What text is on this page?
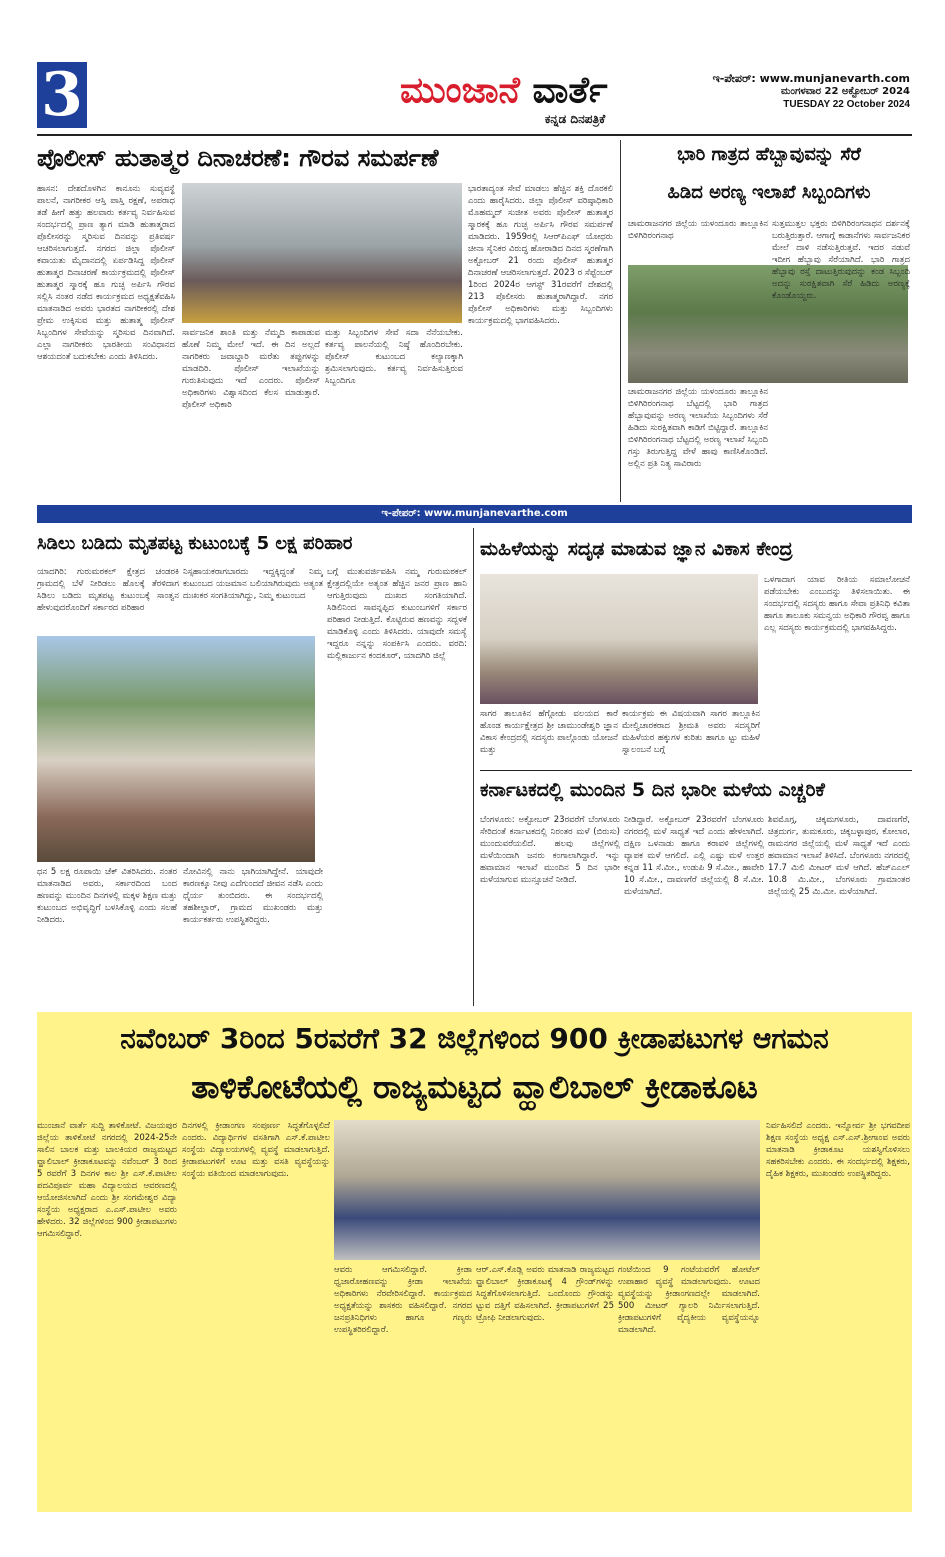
3	ಮುಂಜಾನೆ ವಾರ್ತೆ
ಕನ್ನಡ ದಿನಪತ್ರಿಕೆ
ಇ-ಪೇಪರ್: www.munjanevarth.com
ಮಂಗಳವಾರ 22 ಅಕ್ಟೋಬರ್ 2024
TUESDAY 22 October 2024
ಪೊಲೀಸ್ ಹುತಾತ್ಮರ ದಿನಾಚರಣೆ: ಗೌರವ ಸಮರ್ಪಣೆ
ಹಾಸನ: ದೇಶದೊಳಗಿನ ಕಾನೂನು ಸುವ್ಯವಸ್ಥೆ ಪಾಲನೆ, ನಾಗರೀಕರ ಆಸ್ತಿ ಪಾಸ್ತಿ ರಕ್ಷಣೆ, ಅಪರಾಧ ತಡೆ ಹೀಗೆ ಹತ್ತು ಹಲವಾರು ಕರ್ತವ್ಯ ನಿರ್ವಹಿಸುವ ಸಂದರ್ಭದಲ್ಲಿ ಪ್ರಾಣ ತ್ಯಾಗ ಮಾಡಿ ಹುತಾತ್ಮರಾದ ಪೊಲೀಸರನ್ನು ಸ್ಮರಿಸುವ ದಿನವನ್ನು ಪ್ರತಿವರ್ಷ ಆಚರಿಸಲಾಗುತ್ತದೆ. ನಗರದ ಜಿಲ್ಲಾ ಪೊಲೀಸ್ ಕವಾಯತು ಮೈದಾನದಲ್ಲಿ ಏರ್ಪಡಿಸಿದ್ದ ಪೊಲೀಸ್ ಹುತಾತ್ಮರ ದಿನಾಚರಣೆ ಕಾರ್ಯಕ್ರಮದಲ್ಲಿ ಪೊಲೀಸ್ ಹುತಾತ್ಮರ ಸ್ಮಾರಕ್ಕೆ ಹೂ ಗುಚ್ಛ ಅರ್ಪಿಸಿ ಗೌರವ ಸಲ್ಲಿಸಿ ನಂತರ ನಡೆದ ಕಾರ್ಯಕ್ರಮದ ಅಧ್ಯಕ್ಷತೆವಹಿಸಿ ಮಾತನಾಡಿದ ಅವರು ಭಾರತದ ನಾಗರೀಕರಲ್ಲಿ ದೇಶ ಪ್ರೇಮ ಉಕ್ಕಿಸುವ ಮತ್ತು ಹುತಾತ್ಮ ಪೊಲೀಸ್ ಸಿಬ್ಬಂದಿಗಳ ಸೇವೆಯನ್ನು ಸ್ಮರಿಸುವ ದಿನವಾಗಿದೆ. ಎಲ್ಲಾ ನಾಗರೀಕರು ಭಾರತೀಯ ಸಂವಿಧಾನದ ಆಶಯದಂತೆ ಬದುಕಬೇಕು ಎಂದು ತಿಳಿಸಿದರು.
ಸಾರ್ವಜನಿಕ ಶಾಂತಿ ಮತ್ತು ನೆಮ್ಮದಿ ಕಾಪಾಡುವ ಹೊಣೆ ನಿಮ್ಮ ಮೇಲೆ ಇದೆ. ಈ ದಿನ ಅಲ್ಲದೆ ನಾಗರಿಕರು ಜವಾಬ್ದಾರಿ ಮರೆತು ತಪ್ಪುಗಳನ್ನು ಮಾಡದಿರಿ. ಪೊಲೀಸ್ ಇಲಾಖೆಯನ್ನು ಗುರುತಿಸುವುದು ಇದೆ ಎಂದರು. ಪೊಲೀಸ್ ಅಧಿಕಾರಿಗಳು ವಿಶ್ವಾಸದಿಂದ ಕೆಲಸ ಮಾಡುತ್ತಾರೆ. ಪೊಲೀಸ್ ಅಧಿಕಾರಿ
ಮತ್ತು ಸಿಬ್ಬಂದಿಗಳ ಸೇವೆ ಸದಾ ನೆನೆಯಬೇಕು. ಕರ್ತವ್ಯ ಪಾಲನೆಯಲ್ಲಿ ನಿಷ್ಠೆ ಹೊಂದಿರಬೇಕು. ಪೊಲೀಸ್ ಕುಟುಂಬದ ಕಲ್ಯಾಣಕ್ಕಾಗಿ ಶ್ರಮಿಸಲಾಗುವುದು. ಕರ್ತವ್ಯ ನಿರ್ವಹಿಸುತ್ತಿರುವ ಸಿಬ್ಬಂದಿಗೂ
ಭಾರತಾದ್ಯಂತ ಸೇವೆ ಮಾಡಲು ಹೆಚ್ಚಿನ ಶಕ್ತಿ ದೊರಕಲಿ ಎಂದು ಹಾರೈಸಿದರು. ಜಿಲ್ಲಾ ಪೊಲೀಸ್ ವರಿಷ್ಠಾಧಿಕಾರಿ ಮೊಹಮ್ಮದ್ ಸುಜೀತ ಅವರು ಪೊಲೀಸ್ ಹುತಾತ್ಮರ ಸ್ಮಾರಕಕ್ಕೆ ಹೂ ಗುಚ್ಛ ಅರ್ಪಿಸಿ ಗೌರವ ಸಮರ್ಪಣೆ ಮಾಡಿದರು. 1959ರಲ್ಲಿ ಸಿಆರ್‌ಪಿಎಫ್ ಯೋಧರು ಚೀನಾ ಸೈನಿಕರ ವಿರುದ್ಧ ಹೋರಾಡಿದ ದಿನದ ಸ್ಮರಣೆಗಾಗಿ ಅಕ್ಟೋಬರ್ 21 ರಂದು ಪೊಲೀಸ್ ಹುತಾತ್ಮರ ದಿನಾಚರಣೆ ಆಚರಿಸಲಾಗುತ್ತದೆ. 2023 ರ ಸೆಪ್ಟೆಂಬರ್ 1ರಿಂದ 2024ರ ಆಗಸ್ಟ್ 31ರವರೆಗೆ ದೇಶದಲ್ಲಿ 213 ಪೊಲೀಸರು ಹುತಾತ್ಮರಾಗಿದ್ದಾರೆ. ನಗರ ಪೊಲೀಸ್ ಅಧಿಕಾರಿಗಳು ಮತ್ತು ಸಿಬ್ಬಂದಿಗಳು ಕಾರ್ಯಕ್ರಮದಲ್ಲಿ ಭಾಗವಹಿಸಿದರು.
ಭಾರಿ ಗಾತ್ರದ ಹೆಬ್ಬಾವುವನ್ನು ಸೆರೆ
ಹಿಡಿದ ಅರಣ್ಯ ಇಲಾಖೆ ಸಿಬ್ಬಂದಿಗಳು
ಚಾಮರಾಜನಗರ ಜಿಲ್ಲೆಯ ಯಳಂದೂರು ತಾಲ್ಲೂಕಿನ ಬಿಳಿಗಿರಿರಂಗನಾಥ
ಚಾಮರಾಜನಗರ ಜಿಲ್ಲೆಯ ಯಳಂದೂರು ತಾಲ್ಲೂಕಿನ ಬಿಳಿಗಿರಿರಂಗನಾಥ ಬೆಟ್ಟದಲ್ಲಿ ಭಾರಿ ಗಾತ್ರದ ಹೆಬ್ಬಾವುವನ್ನು ಅರಣ್ಯ ಇಲಾಖೆಯ ಸಿಬ್ಬಂದಿಗಳು ಸೆರೆ ಹಿಡಿದು ಸುರಕ್ಷಿತವಾಗಿ ಕಾಡಿಗೆ ಬಿಟ್ಟಿದ್ದಾರೆ. ತಾಲ್ಲೂಕಿನ ಬಿಳಿಗಿರಿರಂಗನಾಥ ಬೆಟ್ಟದಲ್ಲಿ ಅರಣ್ಯ ಇಲಾಖೆ ಸಿಬ್ಬಂದಿ ಗಸ್ತು ತಿರುಗುತ್ತಿದ್ದ ವೇಳೆ ಹಾವು ಕಾಣಿಸಿಕೊಂಡಿದೆ. ಅಲ್ಲಿನ ಪ್ರತಿ ನಿತ್ಯ ಸಾವಿರಾರು
ಸುತ್ತಮುತ್ತಲ ಭಕ್ತರು ಬಿಳಿಗಿರಿರಂಗನಾಥನ ದರ್ಶನಕ್ಕೆ ಬರುತ್ತಿರುತ್ತಾರೆ. ಆಗಾಗ್ಗೆ ಕಾಡಾನೆಗಳು ಸಾರ್ವಜನಿಕರ ಮೇಲೆ ದಾಳಿ ನಡೆಸುತ್ತಿರುತ್ತವೆ. ಇದರ ನಡುವೆ ಇದೀಗ ಹೆಬ್ಬಾವು ಸೆರೆಯಾಗಿದೆ. ಭಾರಿ ಗಾತ್ರದ ಹೆಬ್ಬಾವು ರಸ್ತೆ ದಾಟುತ್ತಿರುವುದನ್ನು ಕಂಡ ಸಿಬ್ಬಂದಿ ಅದನ್ನು ಸುರಕ್ಷಿತವಾಗಿ ಸೆರೆ ಹಿಡಿದು ಅರಣ್ಯಕ್ಕೆ ಕೊಂಡೊಯ್ದರು.
ಇ-ಪೇಪರ್: www.munjanevarthe.com
ಸಿಡಿಲು ಬಡಿದು ಮೃತಪಟ್ಟ ಕುಟುಂಬಕ್ಕೆ 5 ಲಕ್ಷ ಪರಿಹಾರ
ಯಾದಗಿರಿ: ಗುರುಮಠಕಲ್ ಕ್ಷೇತ್ರದ ಚಂಡರಕಿ ಗ್ರಾಮದಲ್ಲಿ ಬೆಳೆ ನೀರಿಡಲು ಹೊಲಕ್ಕೆ ತೆರಳಿದಾಗ ಸಿಡಿಲು ಬಡಿದು ಮೃತಪಟ್ಟ ಕುಟುಂಬಕ್ಕೆ ಸಾಂತ್ವನ ಹೇಳುವುದರೊಂದಿಗೆ ಸರ್ಕಾರದ ಪರಿಹಾರ
ಧನ 5 ಲಕ್ಷ ರೂಪಾಯಿ ಚೆಕ್ ವಿತರಿಸಿದರು. ನಂತರ ಮಾತನಾಡಿದ ಅವರು, ಸರ್ಕಾರದಿಂದ ಬಂದ ಹಣವನ್ನು ಮುಂದಿನ ದಿನಗಳಲ್ಲಿ ಮಕ್ಕಳ ಶಿಕ್ಷಣ ಮತ್ತು ಕುಟುಂಬದ ಅಭಿವೃದ್ಧಿಗೆ ಬಳಸಿಕೊಳ್ಳಿ ಎಂದು ಸಲಹೆ ನೀಡಿದರು.
ನಿಸ್ಸಹಾಯಕರಾಗಬಾರದು ಇದ್ದಕ್ಕಿದ್ದಂತೆ ನಿಮ್ಮ ಕುಟುಂಬದ ಯಜಮಾನ ಬಲಿಯಾಗಿರುವುದು ಅತ್ಯಂತ ದುಃಖಕರ ಸಂಗತಿಯಾಗಿದ್ದು, ನಿಮ್ಮ ಕುಟುಂಬದ
ನೋವಿನಲ್ಲಿ ನಾನು ಭಾಗಿಯಾಗಿದ್ದೇನೆ. ಯಾವುದೇ ಕಾರಣಕ್ಕೂ ನೀವು ಎದೆಗುಂದದೆ ಜೀವನ ನಡೆಸಿ ಎಂದು ಧೈರ್ಯ ತುಂಬಿದರು. ಈ ಸಂದರ್ಭದಲ್ಲಿ ತಹಶೀಲ್ದಾರ್, ಗ್ರಾಮದ ಮುಖಂಡರು ಮತ್ತು ಕಾರ್ಯಕರ್ತರು ಉಪಸ್ಥಿತರಿದ್ದರು.
ಬಗ್ಗೆ ಮುತುವರ್ಜಿವಹಿಸಿ ನಮ್ಮ ಗುರುಮಠಕಲ್ ಕ್ಷೇತ್ರದಲ್ಲಿಯೇ ಅತ್ಯಂತ ಹೆಚ್ಚಿನ ಜನರ ಪ್ರಾಣ ಹಾನಿ ಆಗುತ್ತಿರುವುದು ದುಃಖದ ಸಂಗತಿಯಾಗಿದೆ. ಸಿಡಿಲಿನಿಂದ ಸಾವನ್ನಪ್ಪಿದ ಕುಟುಂಬಗಳಿಗೆ ಸರ್ಕಾರ ಪರಿಹಾರ ನೀಡುತ್ತಿದೆ. ಕೊಟ್ಟಿರುವ ಹಣವನ್ನು ಸದ್ಬಳಕೆ ಮಾಡಿಕೊಳ್ಳಿ ಎಂದು ತಿಳಿಸಿದರು. ಯಾವುದೇ ಸಮಸ್ಯೆ ಇದ್ದರೂ ನನ್ನನ್ನು ಸಂಪರ್ಕಿಸಿ ಎಂದರು. ವರದಿ: ಮಲ್ಲಿಕಾರ್ಜುನ ಕಂದಕೂರ್, ಯಾದಗಿರಿ ಜಿಲ್ಲೆ
ಮಹಿಳೆಯನ್ನು ಸದೃಢ ಮಾಡುವ ಜ್ಞಾನ ವಿಕಾಸ ಕೇಂದ್ರ
ಸಾಗರ ತಾಲೂಕಿನ ಹೆಗ್ಗೋಡು ವಲಯದ ಕಾರೆ ಹೊಂಡ ಕಾರ್ಯಕ್ಷೇತ್ರದ ಶ್ರೀ ಚಾಮುಂಡೇಶ್ವರಿ ಜ್ಞಾನ ವಿಕಾಸ ಕೇಂದ್ರದಲ್ಲಿ ಸದಸ್ಯರು ಪಾಲ್ಗೊಂಡು ಯೋಜನೆ ಮತ್ತು
ಕಾರ್ಯಕ್ರಮ ಈ ವಿಷಯವಾಗಿ ಸಾಗರ ತಾಲ್ಲೂಕಿನ ಮೇಲ್ವಿಚಾರಕರಾದ ಶ್ರೀಮತಿ ಅವರು ಸದಸ್ಯರಿಗೆ ಮಹಿಳೆಯರ ಹಕ್ಕುಗಳ ಕುರಿತು ಹಾಗೂ ಟ್ಟು ಮಹಿಳೆ ಸ್ವಾಲಂಬನೆ ಬಗ್ಗೆ
ಒಳಗಾದಾಗ ಯಾವ ರೀತಿಯ ಸಮಾಲೋಚನೆ ಪಡೆಯಬೇಕು ಎಂಬುದನ್ನು ತಿಳಿಸಲಾಯಿತು. ಈ ಸಂದರ್ಭದಲ್ಲಿ ಸದಸ್ಯರು ಹಾಗೂ ಸೇವಾ ಪ್ರತಿನಿಧಿ ಕವಿತಾ ಹಾಗೂ ತಾಲೂಕು ಸಮನ್ವಯ ಅಧಿಕಾರಿ ಗೌರವ್ವ ಹಾಗೂ ಎಲ್ಲ ಸದಸ್ಯರು ಕಾರ್ಯಕ್ರಮದಲ್ಲಿ ಭಾಗವಹಿಸಿದ್ದರು.
ಕರ್ನಾಟಕದಲ್ಲಿ ಮುಂದಿನ 5 ದಿನ ಭಾರೀ ಮಳೆಯ ಎಚ್ಚರಿಕೆ
ಬೆಂಗಳೂರು: ಅಕ್ಟೋಬರ್ 23ರವರೆಗೆ ಬೆಂಗಳೂರು ಸೇರಿದಂತೆ ಕರ್ನಾಟಕದಲ್ಲಿ ನಿರಂತರ ಮಳೆ (ಬಿರುಸು) ಮುಂದುವರೆಯಲಿದೆ. ಹಲವು ಜಿಲ್ಲೆಗಳಲ್ಲಿ ಮಳೆಯಿಂದಾಗಿ ಜನರು ಕಂಗಾಲಾಗಿದ್ದಾರೆ. ಇನ್ನು ಹವಾಮಾನ ಇಲಾಖೆ ಮುಂದಿನ 5 ದಿನ ಭಾರೀ ಮಳೆಯಾಗುವ ಮುನ್ಸೂಚನೆ ನೀಡಿದೆ.
ನೀಡಿದ್ದಾರೆ. ಅಕ್ಟೋಬರ್ 23ರವರೆಗೆ ಬೆಂಗಳೂರು ನಗರದಲ್ಲಿ ಮಳೆ ಸಾಧ್ಯತೆ ಇದೆ ಎಂದು ಹೇಳಲಾಗಿದೆ. ದಕ್ಷಿಣ ಒಳನಾಡು ಹಾಗೂ ಕರಾವಳಿ ಜಿಲ್ಲೆಗಳಲ್ಲಿ ವ್ಯಾಪಕ ಮಳೆ ಆಗಲಿದೆ. ಎಲ್ಲಿ ಎಷ್ಟು ಮಳೆ ಉತ್ತರ ಕನ್ನಡ 11 ಸೆ.ಮೀ., ಉಡುಪಿ 9 ಸೆ.ಮೀ., ಹಾವೇರಿ 10 ಸೆ.ಮೀ., ದಾವಣಗೆರೆ ಜಿಲ್ಲೆಯಲ್ಲಿ 8 ಸೆ.ಮೀ. ಮಳೆಯಾಗಿದೆ.
ಶಿವಮೊಗ್ಗ, ಚಿಕ್ಕಮಗಳೂರು, ದಾವಣಗೆರೆ, ಚಿತ್ರದುರ್ಗ, ತುಮಕೂರು, ಚಿಕ್ಕಬಳ್ಳಾಪುರ, ಕೋಲಾರ, ರಾಮನಗರ ಜಿಲ್ಲೆಯಲ್ಲಿ ಮಳೆ ಸಾಧ್ಯತೆ ಇದೆ ಎಂದು ಹವಾಮಾನ ಇಲಾಖೆ ತಿಳಿಸಿದೆ. ಬೆಂಗಳೂರು ನಗರದಲ್ಲಿ 17.7 ಮಿಲಿ ಮೀಟರ್ ಮಳೆ ಆಗಿದೆ. ಹೆಚ್‌ಎಎಲ್ 10.8 ಮಿ.ಮೀ., ಬೆಂಗಳೂರು ಗ್ರಾಮಾಂತರ ಜಿಲ್ಲೆಯಲ್ಲಿ 25 ಮಿ.ಮೀ. ಮಳೆಯಾಗಿದೆ.
ನವೆಂಬರ್ 3ರಿಂದ 5ರವರೆಗೆ 32 ಜಿಲ್ಲೆಗಳಿಂದ 900 ಕ್ರೀಡಾಪಟುಗಳ ಆಗಮನ
ತಾಳಿಕೋಟೆಯಲ್ಲಿ ರಾಜ್ಯಮಟ್ಟದ ವ್ಹಾಲಿಬಾಲ್ ಕ್ರೀಡಾಕೂಟ
ಮುಂಜಾನೆ ವಾರ್ತೆ ಸುದ್ದಿ ತಾಳಿಕೋಟೆ. ವಿಜಯಪುರ ಜಿಲ್ಲೆಯ ತಾಳಿಕೋಟೆ ನಗರದಲ್ಲಿ 2024-25ನೇ ಸಾಲಿನ ಬಾಲಕ ಮತ್ತು ಬಾಲಕಿಯರ ರಾಜ್ಯಮಟ್ಟದ ವ್ಹಾಲಿಬಾಲ್ ಕ್ರೀಡಾಕೂಟವನ್ನು ನವೆಂಬರ್ 3 ರಿಂದ 5 ರವರೆಗೆ 3 ದಿನಗಳ ಕಾಲ ಶ್ರೀ ಎಸ್.ಕೆ.ಪಾಟೀಲ ಪದವಿಪೂರ್ವ ಮಹಾ ವಿದ್ಯಾಲಯದ ಆವರಣದಲ್ಲಿ ಆಯೋಜಿಸಲಾಗಿದೆ ಎಂದು ಶ್ರೀ ಸಂಗಮೇಶ್ವರ ವಿದ್ಯಾ ಸಂಸ್ಥೆಯ ಅಧ್ಯಕ್ಷರಾದ ಎ.ಎಸ್.ಪಾಟೀಲ ಅವರು ಹೇಳಿದರು. 32 ಜಿಲ್ಲೆಗಳಿಂದ 900 ಕ್ರೀಡಾಪಟುಗಳು ಆಗಮಿಸಲಿದ್ದಾರೆ.
ದಿನಗಳಲ್ಲಿ ಕ್ರೀಡಾಂಗಣ ಸಂಪೂರ್ಣ ಸಿದ್ಧತೆಗೊಳ್ಳಲಿದೆ ಎಂದರು. ವಿದ್ಯಾರ್ಥಿಗಳ ವಸತಿಗಾಗಿ ಎಸ್.ಕೆ.ಪಾಟೀಲ ಸಂಸ್ಥೆಯ ವಿದ್ಯಾಲಯಗಳಲ್ಲಿ ವ್ಯವಸ್ಥೆ ಮಾಡಲಾಗುತ್ತಿದೆ. ಕ್ರೀಡಾಪಟುಗಳಿಗೆ ಊಟ ಮತ್ತು ವಸತಿ ವ್ಯವಸ್ಥೆಯನ್ನು ಸಂಸ್ಥೆಯ ವತಿಯಿಂದ ಮಾಡಲಾಗುವುದು.
ಆವರು ಆಗಮಿಸಲಿದ್ದಾರೆ. ಕ್ರೀಡಾ ಧ್ವಜಾರೋಹಣವನ್ನು ಕ್ರೀಡಾ ಇಲಾಖೆಯ ಅಧಿಕಾರಿಗಳು ನೆರವೇರಿಸಲಿದ್ದಾರೆ. ಕಾರ್ಯಕ್ರಮದ ಅಧ್ಯಕ್ಷತೆಯನ್ನು ಶಾಸಕರು ವಹಿಸಲಿದ್ದಾರೆ. ನಗರದ ಜನಪ್ರತಿನಿಧಿಗಳು ಹಾಗೂ ಗಣ್ಯರು ಉಪಸ್ಥಿತರಿರಲಿದ್ದಾರೆ.
ಆರ್.ಎಸ್.ಕೊಡ್ಲಿ ಅವರು ಮಾತನಾಡಿ ರಾಜ್ಯಮಟ್ಟದ ವ್ಹಾಲಿಬಾಲ್ ಕ್ರೀಡಾಕೂಟಕ್ಕೆ 4 ಗ್ರೌಂಡ್‌ಗಳನ್ನು ಸಿದ್ಧತೆಗೊಳಿಸಲಾಗುತ್ತಿದೆ. ಒಂದೊಂದು ಗ್ರೌಂಡನ್ನು ಟ್ಟುವ ದತ್ತಿಗೆ ವಹಿಸಲಾಗಿದೆ. ಕ್ರೀಡಾಪಟುಗಳಿಗೆ 25 ಟ್ರೋಫಿ ನೀಡಲಾಗುವುದು.
ಗಂಟೆಯಿಂದ 9 ಗಂಟೆಯವರೆಗೆ ಹೋಟೆಲ್ ಉಪಾಹಾರ ವ್ಯವಸ್ಥೆ ಮಾಡಲಾಗುವುದು. ಊಟದ ವ್ಯವಸ್ಥೆಯನ್ನು ಕ್ರೀಡಾಂಗಣದಲ್ಲೇ ಮಾಡಲಾಗಿದೆ. 500 ಮೀಟರ್ ಗ್ಯಾಲರಿ ನಿರ್ಮಿಸಲಾಗುತ್ತಿದೆ. ಕ್ರೀಡಾಪಟುಗಳಿಗೆ ವೈದ್ಯಕೀಯ ವ್ಯವಸ್ಥೆಯನ್ನೂ ಮಾಡಲಾಗಿದೆ.
ನಿರ್ವಹಿಸಲಿದೆ ಎಂದರು. ಇನ್ನೋರ್ವ ಶ್ರೀ ಭಗವದೀಪ ಶಿಕ್ಷಣ ಸಂಸ್ಥೆಯ ಅಧ್ಯಕ್ಷ ಎಸ್.ಎಸ್.ಶ್ರೀಗಾಂವ ಅವರು ಮಾತನಾಡಿ ಕ್ರೀಡಾಕೂಟ ಯಶಸ್ವಿಗೊಳಿಸಲು ಸಹಕರಿಸಬೇಕು ಎಂದರು. ಈ ಸಂದರ್ಭದಲ್ಲಿ ಶಿಕ್ಷಕರು, ದೈಹಿಕ ಶಿಕ್ಷಕರು, ಮುಖಂಡರು ಉಪಸ್ಥಿತರಿದ್ದರು.
